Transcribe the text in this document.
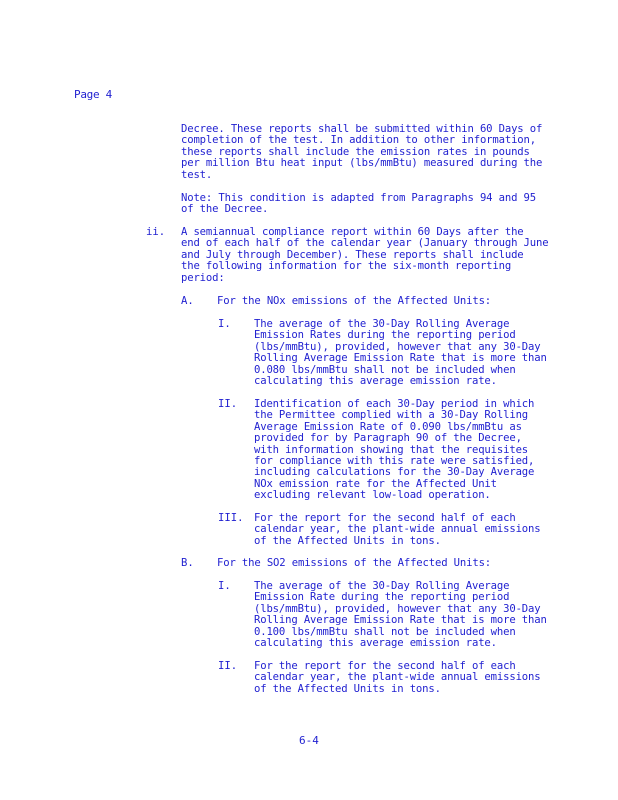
Page 4
Decree. These reports shall be submitted within 60 Days of
completion of the test. In addition to other information,
these reports shall include the emission rates in pounds
per million Btu heat input (lbs/mmBtu) measured during the
test.
Note: This condition is adapted from Paragraphs 94 and 95
of the Decree.
ii. A semiannual compliance report within 60 Days after the
end of each half of the calendar year (January through June
and July through December). These reports shall include
the following information for the six-month reporting
period:
A. For the NOx emissions of the Affected Units:
I. The average of the 30-Day Rolling Average
Emission Rates during the reporting period
(lbs/mmBtu), provided, however that any 30-Day
Rolling Average Emission Rate that is more than
0.080 lbs/mmBtu shall not be included when
calculating this average emission rate.
II. Identification of each 30-Day period in which
the Permittee complied with a 30-Day Rolling
Average Emission Rate of 0.090 lbs/mmBtu as
provided for by Paragraph 90 of the Decree,
with information showing that the requisites
for compliance with this rate were satisfied,
including calculations for the 30-Day Average
NOx emission rate for the Affected Unit
excluding relevant low-load operation.
III. For the report for the second half of each
calendar year, the plant-wide annual emissions
of the Affected Units in tons.
B. For the SO2 emissions of the Affected Units:
I. The average of the 30-Day Rolling Average
Emission Rate during the reporting period
(lbs/mmBtu), provided, however that any 30-Day
Rolling Average Emission Rate that is more than
0.100 lbs/mmBtu shall not be included when
calculating this average emission rate.
II. For the report for the second half of each
calendar year, the plant-wide annual emissions
of the Affected Units in tons.
6-4
